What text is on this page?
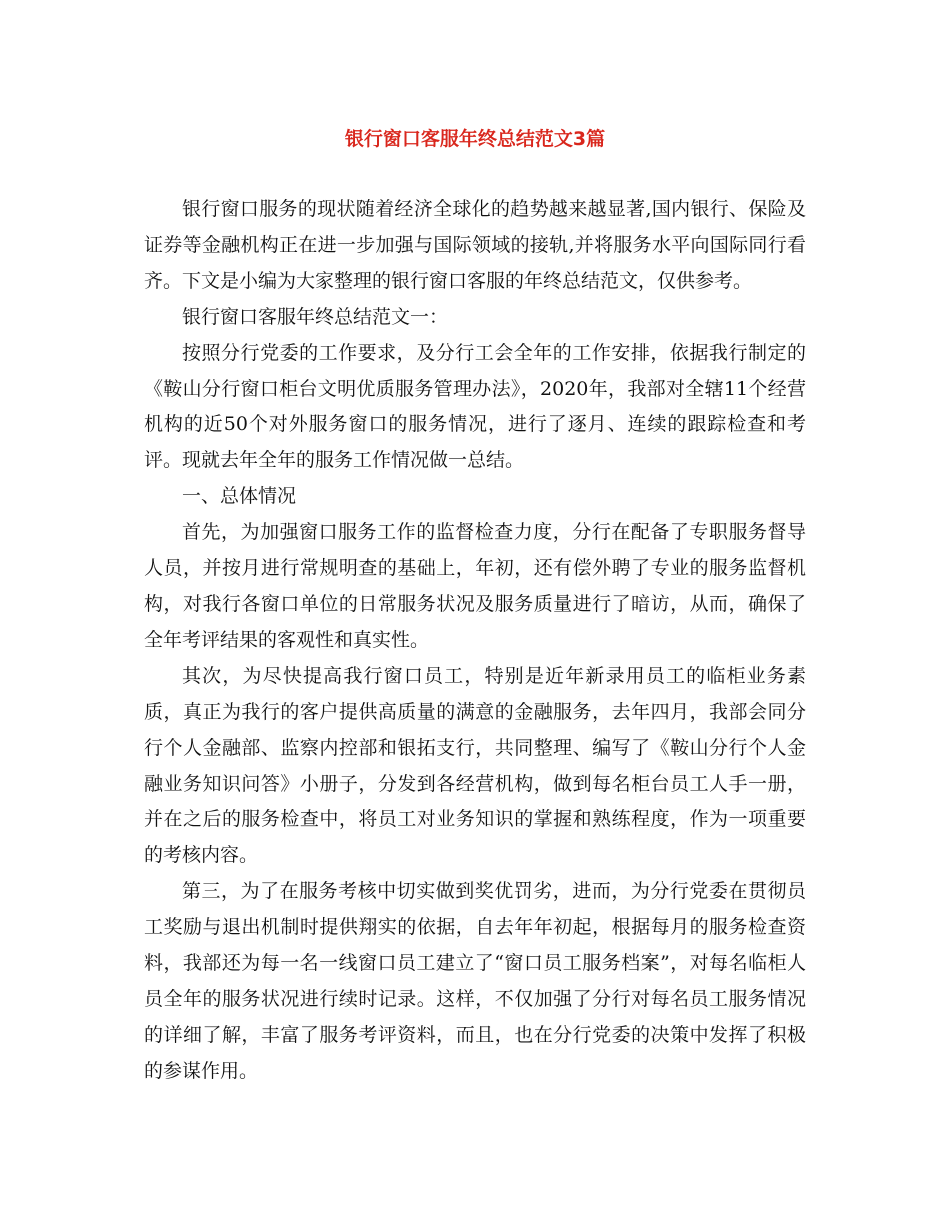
银行窗口客服年终总结范文3篇

银行窗口服务的现状随着经济全球化的趋势越来越显著,国内银行、保险及证券等金融机构正在进一步加强与国际领域的接轨,并将服务水平向国际同行看齐。下文是小编为大家整理的银行窗口客服的年终总结范文，仅供参考。

银行窗口客服年终总结范文一：

按照分行党委的工作要求，及分行工会全年的工作安排，依据我行制定的《鞍山分行窗口柜台文明优质服务管理办法》，2020年，我部对全辖11个经营机构的近50个对外服务窗口的服务情况，进行了逐月、连续的跟踪检查和考评。现就去年全年的服务工作情况做一总结。

一、总体情况

首先，为加强窗口服务工作的监督检查力度，分行在配备了专职服务督导人员，并按月进行常规明查的基础上，年初，还有偿外聘了专业的服务监督机构，对我行各窗口单位的日常服务状况及服务质量进行了暗访，从而，确保了全年考评结果的客观性和真实性。

其次，为尽快提高我行窗口员工，特别是近年新录用员工的临柜业务素质，真正为我行的客户提供高质量的满意的金融服务，去年四月，我部会同分行个人金融部、监察内控部和银拓支行，共同整理、编写了《鞍山分行个人金融业务知识问答》小册子，分发到各经营机构，做到每名柜台员工人手一册，并在之后的服务检查中，将员工对业务知识的掌握和熟练程度，作为一项重要的考核内容。

第三，为了在服务考核中切实做到奖优罚劣，进而，为分行党委在贯彻员工奖励与退出机制时提供翔实的依据，自去年年初起，根据每月的服务检查资料，我部还为每一名一线窗口员工建立了“窗口员工服务档案”，对每名临柜人员全年的服务状况进行续时记录。这样，不仅加强了分行对每名员工服务情况的详细了解，丰富了服务考评资料，而且，也在分行党委的决策中发挥了积极的参谋作用。
